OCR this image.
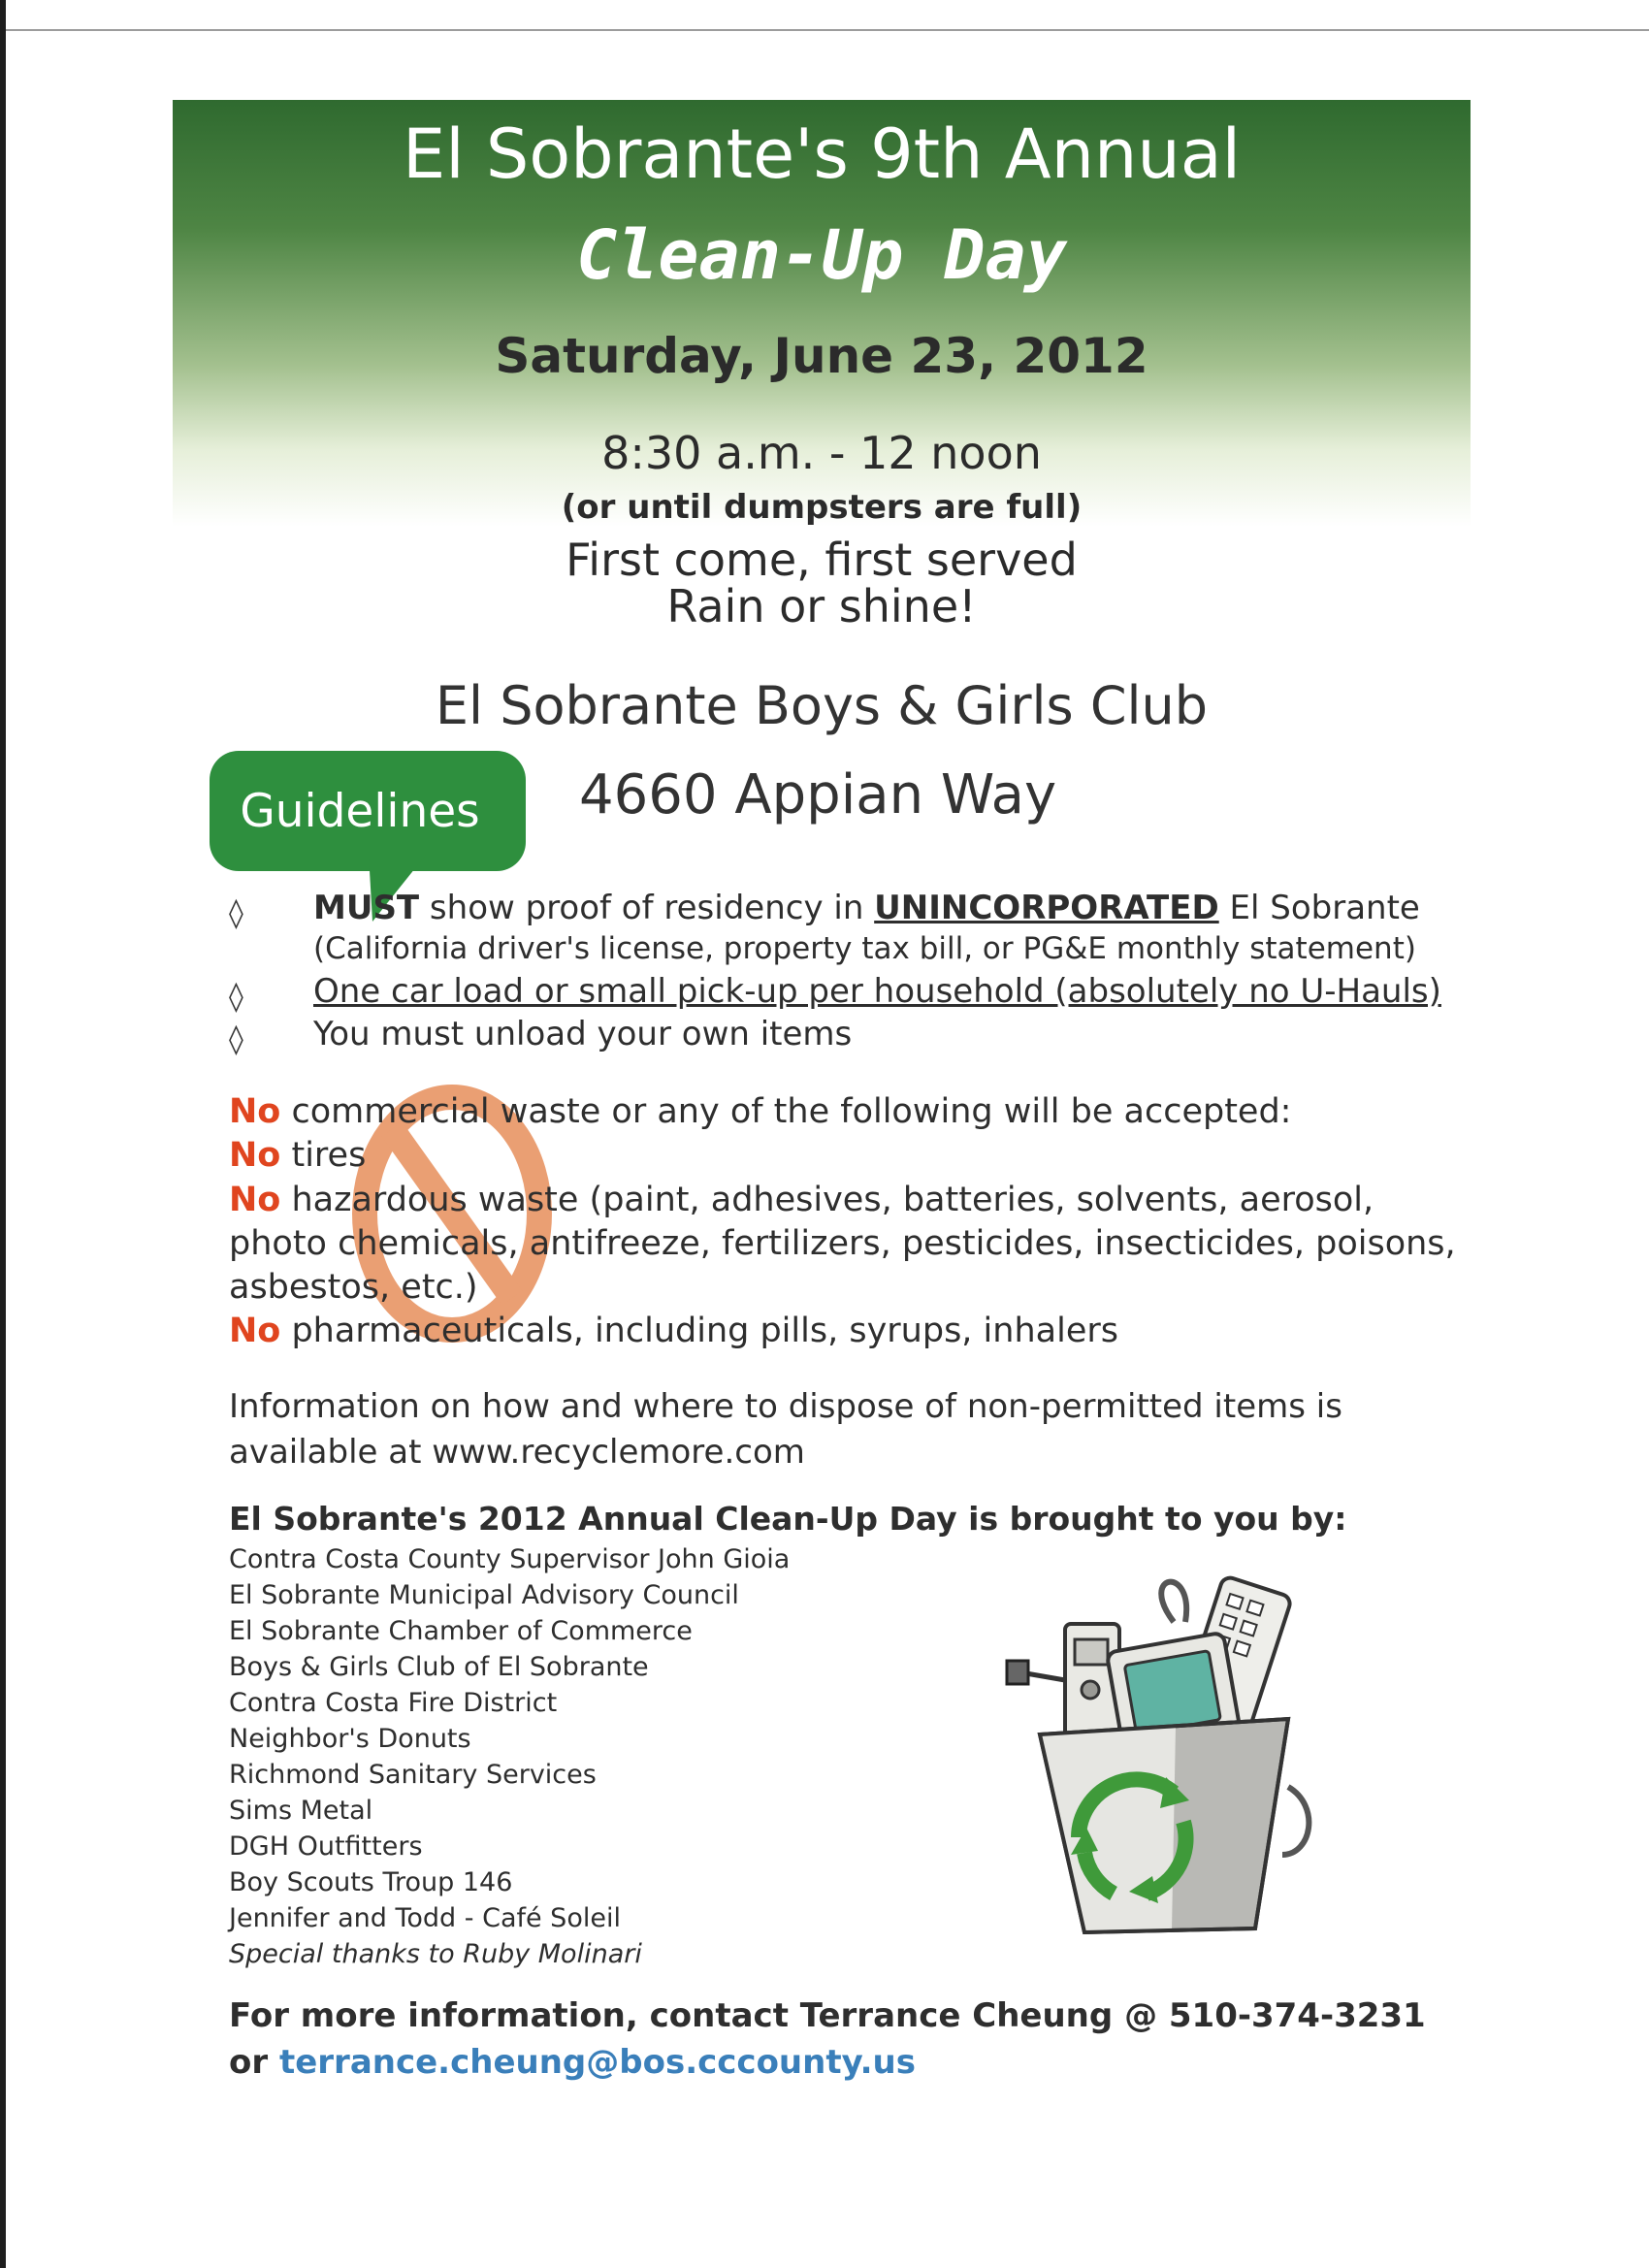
El Sobrante's 9th Annual
Clean-Up Day
Saturday, June 23, 2012
8:30 a.m. - 12 noon
(or until dumpsters are full)
First come, first served
Rain or shine!
El Sobrante Boys & Girls Club
Guidelines 4660 Appian Way
◊ MUST show proof of residency in UNINCORPORATED El Sobrante
(California driver's license, property tax bill, or PG&E monthly statement)
◊ One car load or small pick-up per household (absolutely no U-Hauls)
◊ You must unload your own items
No commercial waste or any of the following will be accepted:
No tires
No hazardous waste (paint, adhesives, batteries, solvents, aerosol,
photo chemicals, antifreeze, fertilizers, pesticides, insecticides, poisons,
asbestos, etc.)
No pharmaceuticals, including pills, syrups, inhalers
Information on how and where to dispose of non-permitted items is
available at www.recyclemore.com
El Sobrante's 2012 Annual Clean-Up Day is brought to you by:
Contra Costa County Supervisor John Gioia
El Sobrante Municipal Advisory Council
El Sobrante Chamber of Commerce
Boys & Girls Club of El Sobrante
Contra Costa Fire District
Neighbor's Donuts
Richmond Sanitary Services
Sims Metal
DGH Outfitters
Boy Scouts Troup 146
Jennifer and Todd - Café Soleil
Special thanks to Ruby Molinari
For more information, contact Terrance Cheung @ 510-374-3231
or terrance.cheung@bos.cccounty.us
